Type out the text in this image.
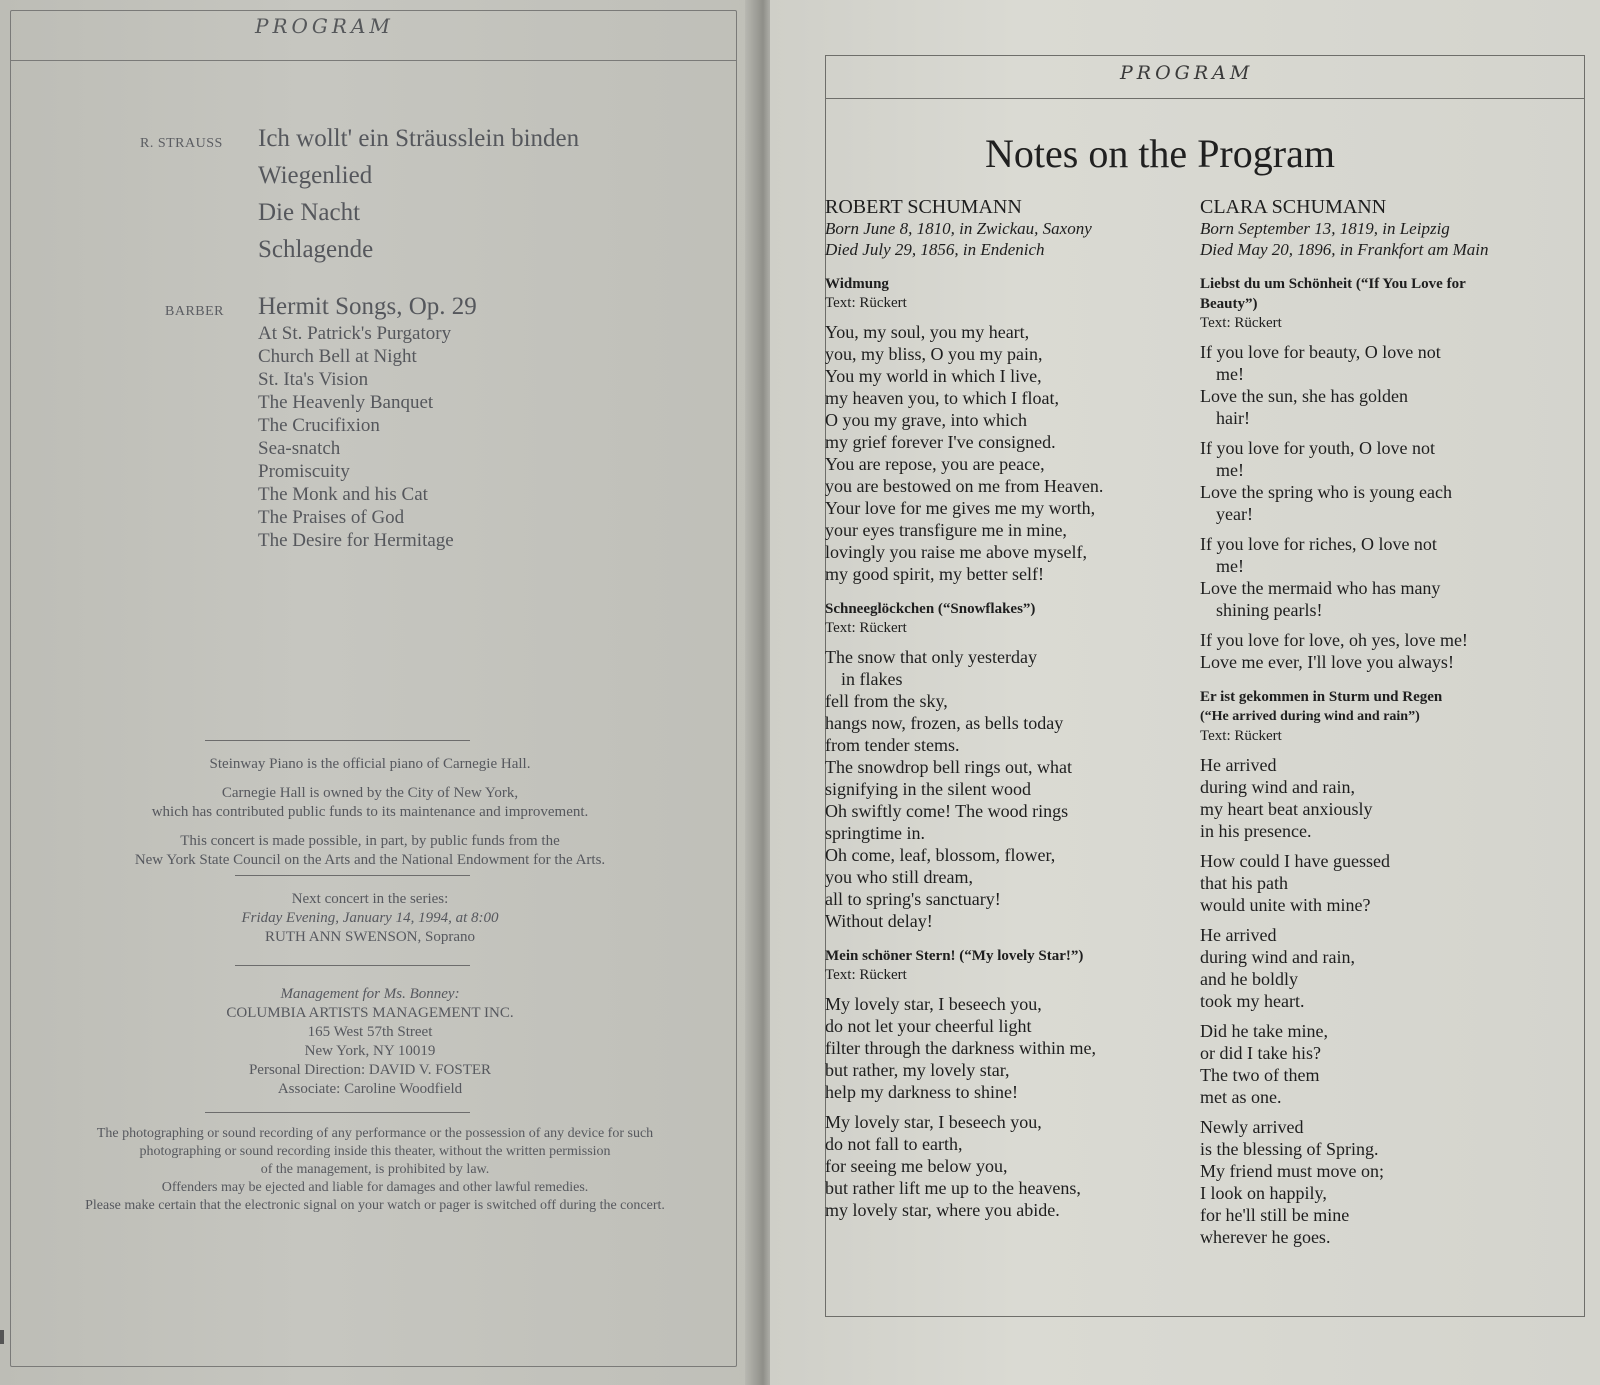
PROGRAM
R. STRAUSS Ich wollt' ein Sträusslein binden
Wiegenlied
Die Nacht
Schlagende
BARBER Hermit Songs, Op. 29
At St. Patrick's Purgatory
Church Bell at Night
St. Ita's Vision
The Heavenly Banquet
The Crucifixion
Sea-snatch
Promiscuity
The Monk and his Cat
The Praises of God
The Desire for Hermitage
Steinway Piano is the official piano of Carnegie Hall.
Carnegie Hall is owned by the City of New York,
which has contributed public funds to its maintenance and improvement.
This concert is made possible, in part, by public funds from the
New York State Council on the Arts and the National Endowment for the Arts.
Next concert in the series:
Friday Evening, January 14, 1994, at 8:00
RUTH ANN SWENSON, Soprano
Management for Ms. Bonney:
COLUMBIA ARTISTS MANAGEMENT INC.
165 West 57th Street
New York, NY 10019
Personal Direction: DAVID V. FOSTER
Associate: Caroline Woodfield
The photographing or sound recording of any performance or the possession of any device for such
photographing or sound recording inside this theater, without the written permission
of the management, is prohibited by law.
Offenders may be ejected and liable for damages and other lawful remedies.
Please make certain that the electronic signal on your watch or pager is switched off during the concert.
PROGRAM
Notes on the Program
ROBERT SCHUMANN
Born June 8, 1810, in Zwickau, Saxony
Died July 29, 1856, in Endenich
Widmung
Text: Rückert
You, my soul, you my heart,
you, my bliss, O you my pain,
You my world in which I live,
my heaven you, to which I float,
O you my grave, into which
my grief forever I've consigned.
You are repose, you are peace,
you are bestowed on me from Heaven.
Your love for me gives me my worth,
your eyes transfigure me in mine,
lovingly you raise me above myself,
my good spirit, my better self!
Schneeglöckchen (“Snowflakes”)
Text: Rückert
The snow that only yesterday
in flakes
fell from the sky,
hangs now, frozen, as bells today
from tender stems.
The snowdrop bell rings out, what
signifying in the silent wood
Oh swiftly come! The wood rings
springtime in.
Oh come, leaf, blossom, flower,
you who still dream,
all to spring's sanctuary!
Without delay!
Mein schöner Stern! (“My lovely Star!”)
Text: Rückert
My lovely star, I beseech you,
do not let your cheerful light
filter through the darkness within me,
but rather, my lovely star,
help my darkness to shine!
My lovely star, I beseech you,
do not fall to earth,
for seeing me below you,
but rather lift me up to the heavens,
my lovely star, where you abide.
CLARA SCHUMANN
Born September 13, 1819, in Leipzig
Died May 20, 1896, in Frankfort am Main
Liebst du um Schönheit (“If You Love for
Beauty”)
Text: Rückert
If you love for beauty, O love not
me!
Love the sun, she has golden
hair!
If you love for youth, O love not
me!
Love the spring who is young each
year!
If you love for riches, O love not
me!
Love the mermaid who has many
shining pearls!
If you love for love, oh yes, love me!
Love me ever, I'll love you always!
Er ist gekommen in Sturm und Regen
(“He arrived during wind and rain”)
Text: Rückert
He arrived
during wind and rain,
my heart beat anxiously
in his presence.
How could I have guessed
that his path
would unite with mine?
He arrived
during wind and rain,
and he boldly
took my heart.
Did he take mine,
or did I take his?
The two of them
met as one.
Newly arrived
is the blessing of Spring.
My friend must move on;
I look on happily,
for he'll still be mine
wherever he goes.
